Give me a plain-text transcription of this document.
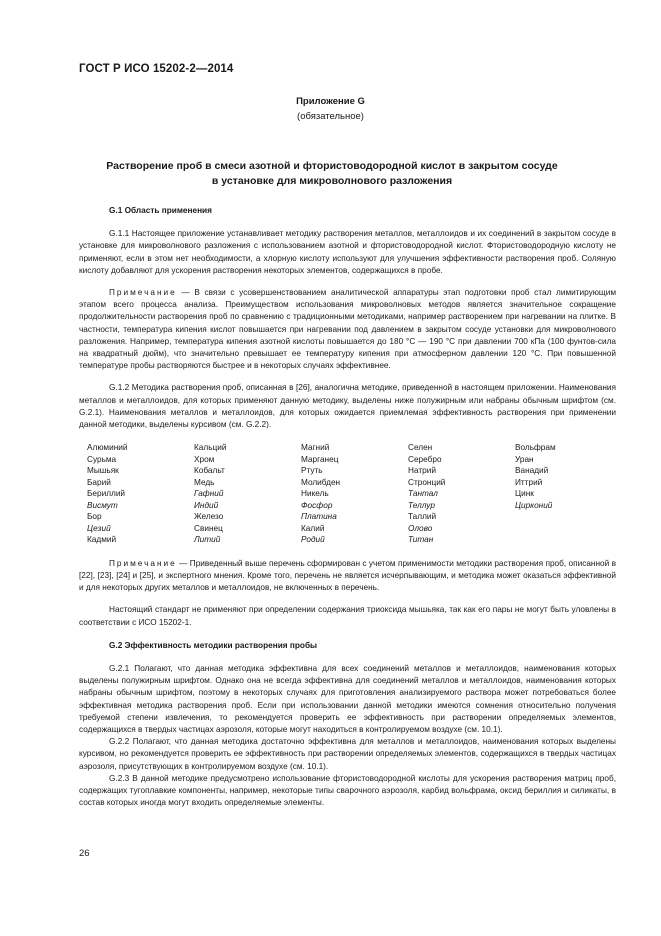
ГОСТ Р ИСО 15202-2—2014
Приложение G
(обязательное)
Растворение проб в смеси азотной и фтористоводородной кислот в закрытом сосуде
в установке для микроволнового разложения
G.1 Область применения

G.1.1 Настоящее приложение устанавливает методику растворения металлов, металлоидов и их соединений в закрытом сосуде в установке для микроволнового разложения с использованием азотной и фтористоводородной кислот. Фтористоводородную кислоту не применяют, если в этом нет необходимости, а хлорную кислоту используют для улучшения эффективности растворения проб. Соляную кислоту добавляют для ускорения растворения некоторых элементов, содержащихся в пробе.

Примечание — В связи с усовершенствованием аналитической аппаратуры этап подготовки проб стал лимитирующим этапом всего процесса анализа. Преимуществом использования микроволновых методов является значительное сокращение продолжительности растворения проб по сравнению с традиционными методиками, например растворением при нагревании на плитке. В частности, температура кипения кислот повышается при нагревании под давлением в закрытом сосуде установки для микроволнового разложения. Например, температура кипения азотной кислоты повышается до 180 °С — 190 °С при давлении 700 кПа (100 фунтов-сила на квадратный дюйм), что значительно превышает ее температуру кипения при атмосферном давлении 120 °С. При повышенной температуре пробы растворяются быстрее и в некоторых случаях эффективнее.

G.1.2 Методика растворения проб, описанная в [26], аналогична методике, приведенной в настоящем приложении. Наименования металлов и металлоидов, для которых применяют данную методику, выделены ниже полужирным или набраны обычным шрифтом (см. G.2.1). Наименования металлов и металлоидов, для которых ожидается приемлемая эффективность растворения при применении данной методики, выделены курсивом (см. G.2.2).

Алюминий	Кальций	Магний	Селен	Вольфрам
Сурьма	Хром	Марганец	Серебро	Уран
Мышьяк	Кобальт	Ртуть	Натрий	Ванадий
Барий	Медь	Молибден	Стронций	Иттрий
Бериллий	Гафний	Никель	Тантал	Цинк
Висмут	Индий	Фосфор	Теллур	Цирконий
Бор	Железо	Платина	Таллий
Цезий	Свинец	Калий	Олово
Кадмий	Литий	Родий	Титан

Примечание — Приведенный выше перечень сформирован с учетом применимости методики растворения проб, описанной в [22], [23], [24] и [25], и экспертного мнения. Кроме того, перечень не является исчерпывающим, и методика может оказаться эффективной и для некоторых других металлов и металлоидов, не включенных в перечень.

Настоящий стандарт не применяют при определении содержания триоксида мышьяка, так как его пары не могут быть уловлены в соответствии с ИСО 15202-1.

G.2 Эффективность методики растворения пробы

G.2.1 Полагают, что данная методика эффективна для всех соединений металлов и металлоидов, наименования которых выделены полужирным шрифтом. Однако она не всегда эффективна для соединений металлов и металлоидов, наименования которых набраны обычным шрифтом, поэтому в некоторых случаях для приготовления анализируемого раствора может потребоваться более эффективная методика растворения проб. Если при использовании данной методики имеются сомнения относительно получения требуемой степени извлечения, то рекомендуется проверить ее эффективность при растворении определяемых элементов, содержащихся в твердых частицах аэрозоля, которые могут находиться в контролируемом воздухе (см. 10.1).

G.2.2 Полагают, что данная методика достаточно эффективна для металлов и металлоидов, наименования которых выделены курсивом, но рекомендуется проверить ее эффективность при растворении определяемых элементов, содержащихся в твердых частицах аэрозоля, присутствующих в контролируемом воздухе (см. 10.1).

G.2.3 В данной методике предусмотрено использование фтористоводородной кислоты для ускорения растворения матриц проб, содержащих тугоплавкие компоненты, например, некоторые типы сварочного аэрозоля, карбид вольфрама, оксид бериллия и силикаты, в состав которых иногда могут входить определяемые элементы.

26
